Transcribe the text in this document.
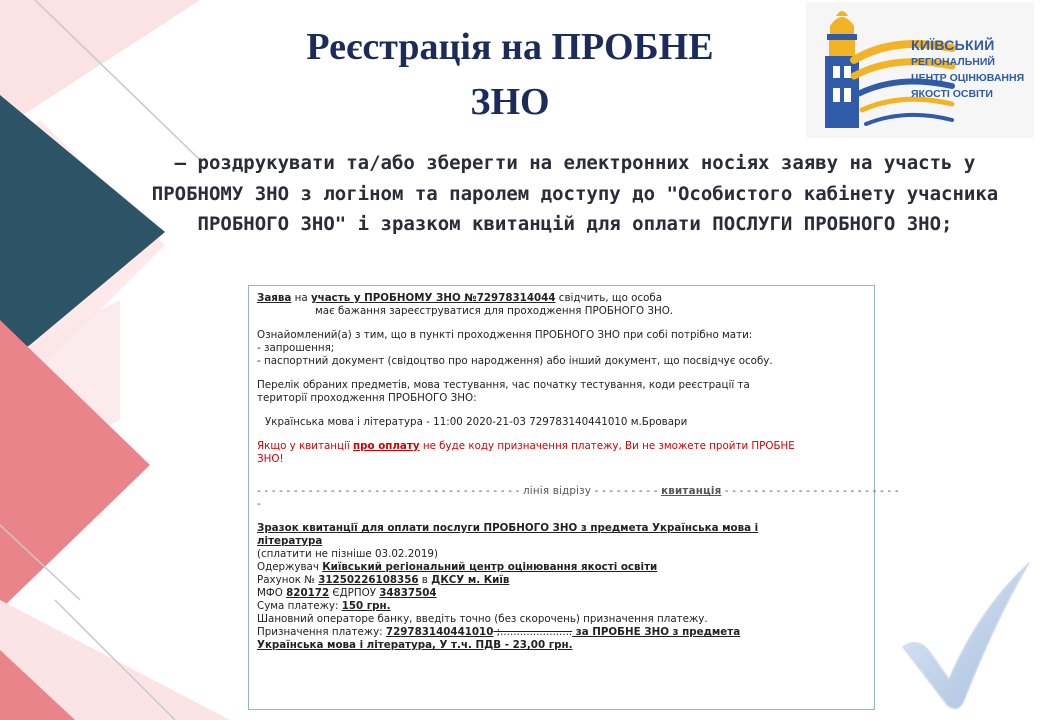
Реєстрація на ПРОБНЕ
ЗНО
КИЇВСЬКИЙ
РЕГІОНАЛЬНИЙ
ЦЕНТР ОЦІНЮВАННЯ
ЯКОСТІ ОСВІТИ
– роздрукувати та/або зберегти на електронних носіях заяву на участь у ПРОБНОМУ ЗНО з логіном та паролем доступу до "Особистого кабінету учасника ПРОБНОГО ЗНО" і зразком квитанцій для оплати ПОСЛУГИ ПРОБНОГО ЗНО;

Заява на участь у ПРОБНОМУ ЗНО №72978314044 свідчить, що особа

має бажання зареєструватися для проходження ПРОБНОГО ЗНО.

Ознайомлений(а) з тим, що в пункті проходження ПРОБНОГО ЗНО при собі потрібно мати:

- запрошення;

- паспортний документ (свідоцтво про народження) або інший документ, що посвідчує особу.

Перелік обраних предметів, мова тестування, час початку тестування, коди реєстрації та

території проходження ПРОБНОГО ЗНО:

Українська мова і література - 11:00 2020-21-03 729783140441010 м.Бровари

Якщо у квитанції про оплату не буде коду призначення платежу, Ви не зможете пройти ПРОБНЕ

ЗНО!

- - - - - - - - - - - - - - - - - - - - - - - - - - - - - - - - - - - - лінія відрізу - - - - - - - - - квитанція - - - - - - - - - - - - - - - - - - - - - - - -

-

Зразок квитанції для оплати послуги ПРОБНОГО ЗНО з предмета Українська мова і

література

(сплатити не пізніше 03.02.2019)

Одержувач Київський регіональний центр оцінювання якості освіти

Рахунок № 31250226108356 в ДКСУ м. Київ

МФО 820172 ЄДРПОУ 34837504

Сума платежу: 150 грн.

Шановний операторе банку, введіть точно (без скорочень) призначення платежу.

Призначення платежу: 729783140441010 ;...................... за ПРОБНЕ ЗНО з предмета

Українська мова і література, У т.ч. ПДВ - 23,00 грн.
